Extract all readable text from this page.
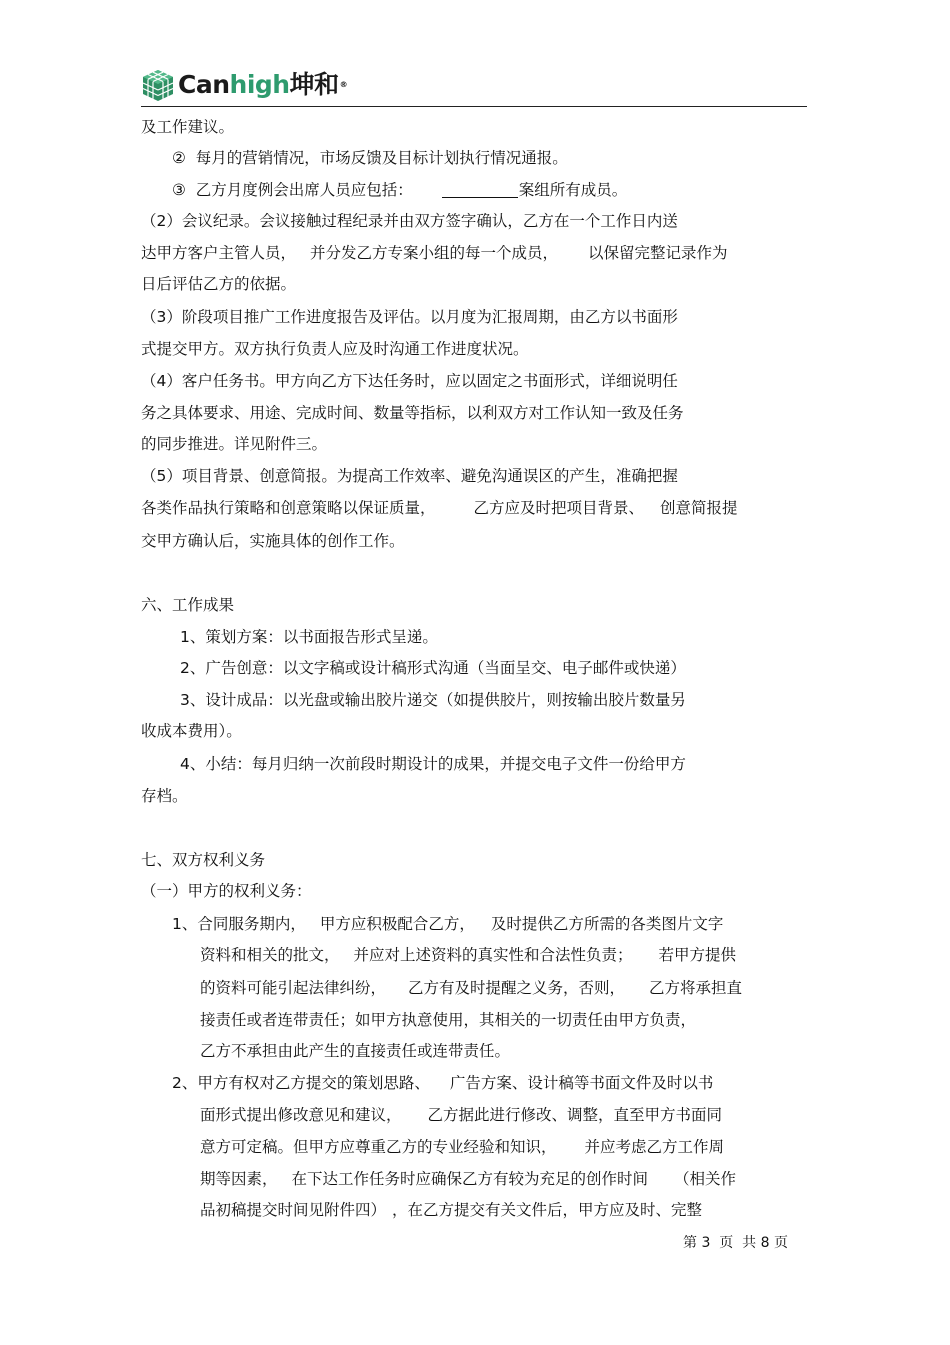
Canhigh坤和®
及工作建议。
②  每月的营销情况，市场反馈及目标计划执行情况通报。
③  乙方月度例会出席人员应包括：	案组所有成员。
（2）会议纪录。会议接触过程纪录并由双方签字确认，乙方在一个工作日内送
达甲方客户主管人员， 并分发乙方专案小组的每一个成员， 以保留完整记录作为
日后评估乙方的依据。
（3）阶段项目推广工作进度报告及评估。以月度为汇报周期，由乙方以书面形
式提交甲方。双方执行负责人应及时沟通工作进度状况。
（4）客户任务书。甲方向乙方下达任务时，应以固定之书面形式，详细说明任
务之具体要求、用途、完成时间、数量等指标，以利双方对工作认知一致及任务
的同步推进。详见附件三。
（5）项目背景、创意简报。为提高工作效率、避免沟通误区的产生，准确把握
各类作品执行策略和创意策略以保证质量， 乙方应及时把项目背景、 创意简报提
交甲方确认后，实施具体的创作工作。
六、工作成果
1、策划方案：以书面报告形式呈递。
2、广告创意：以文字稿或设计稿形式沟通（当面呈交、电子邮件或快递）
3、设计成品：以光盘或输出胶片递交（如提供胶片，则按输出胶片数量另
收成本费用）。
4、小结：每月归纳一次前段时期设计的成果，并提交电子文件一份给甲方
存档。
七、双方权利义务
（一）甲方的权利义务：
1、合同服务期内， 甲方应积极配合乙方， 及时提供乙方所需的各类图片文字
资料和相关的批文， 并应对上述资料的真实性和合法性负责； 若甲方提供
的资料可能引起法律纠纷， 乙方有及时提醒之义务，否则， 乙方将承担直
接责任或者连带责任；如甲方执意使用，其相关的一切责任由甲方负责，
乙方不承担由此产生的直接责任或连带责任。
2、甲方有权对乙方提交的策划思路、 广告方案、设计稿等书面文件及时以书
面形式提出修改意见和建议， 乙方据此进行修改、调整，直至甲方书面同
意方可定稿。但甲方应尊重乙方的专业经验和知识， 并应考虑乙方工作周
期等因素， 在下达工作任务时应确保乙方有较为充足的创作时间 （相关作
品初稿提交时间见附件四） ，在乙方提交有关文件后，甲方应及时、完整
第 3  页  共 8 页
